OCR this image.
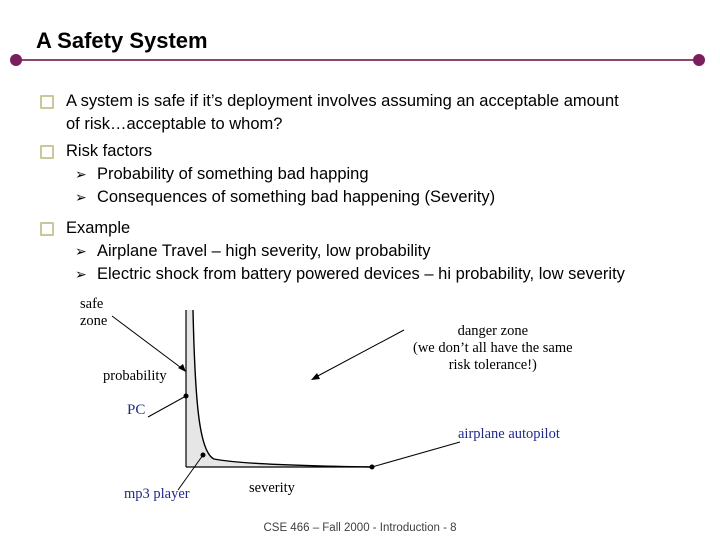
A Safety System
A system is safe if it’s deployment involves assuming an acceptable amount
of risk…acceptable to whom?
Risk factors
➢ Probability of something bad happing
➢ Consequences of something bad happening (Severity)
Example
➢ Airplane Travel – high severity, low probability
➢ Electric shock from battery powered devices – hi probability, low severity
safe
zone
danger zone
(we don’t all have the same
risk tolerance!)
probability
severity
PC
airplane autopilot
mp3 player
CSE 466 – Fall 2000 - Introduction - 8
